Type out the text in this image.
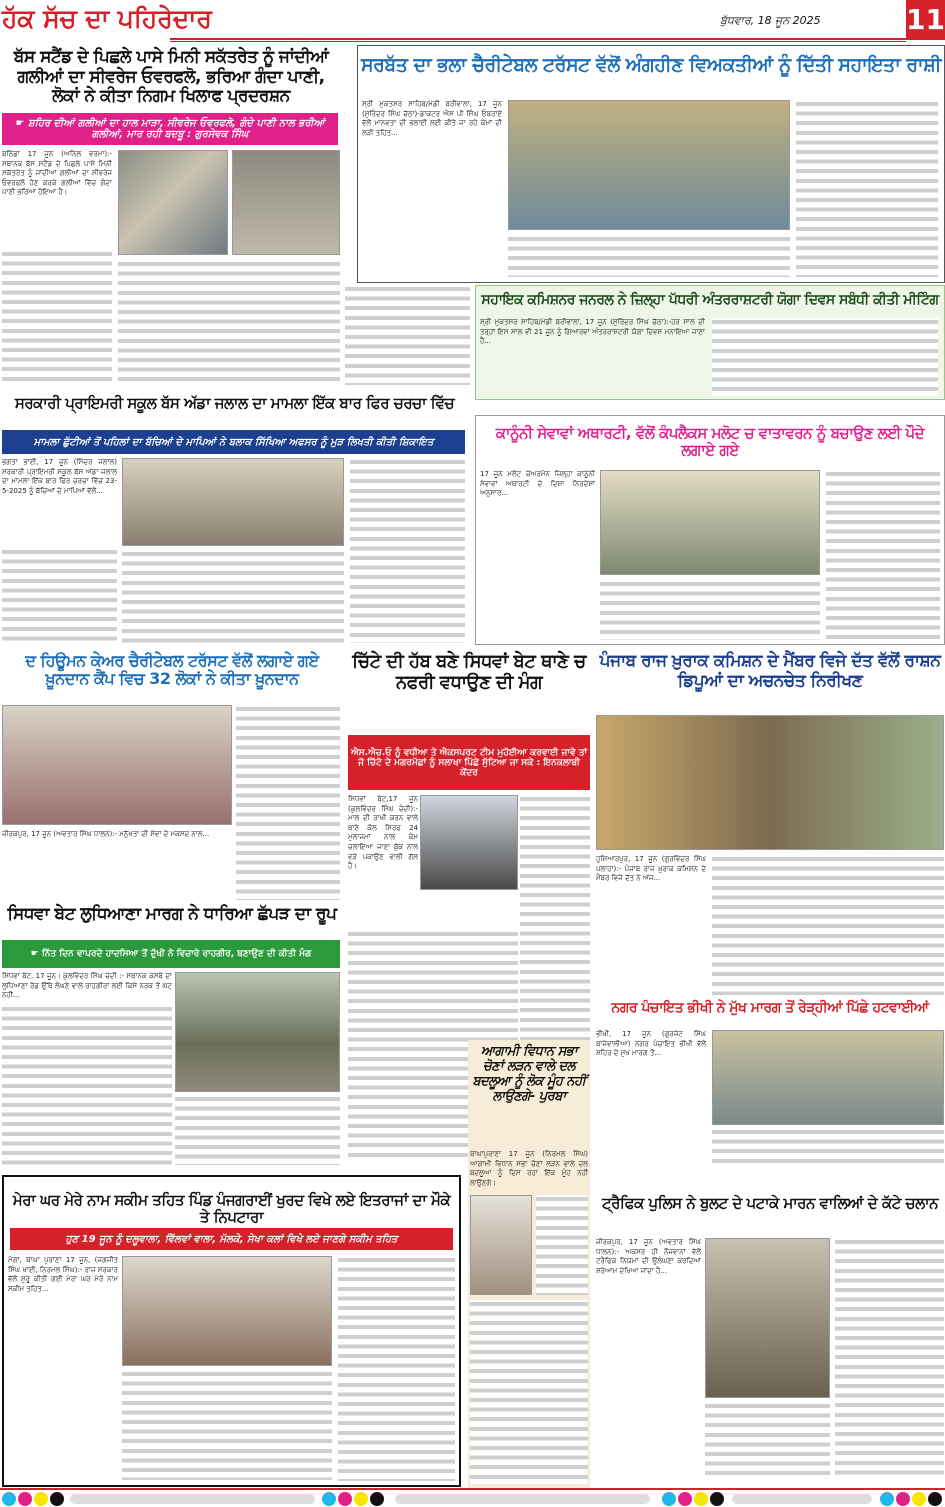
ਹੱਕ ਸੱਚ ਦਾ ਪਹਿਰੇਦਾਰ	ਬੁੱਧਵਾਰ, 18 ਜੂਨ 2025	11
ਬੱਸ ਸਟੈਂਡ ਦੇ ਪਿਛਲੇ ਪਾਸੇ ਮਿਨੀ ਸਕੱਤਰੇਤ ਨੂੰ ਜਾਂਦੀਆਂ ਗਲੀਆਂ ਦਾ ਸੀਵਰੇਜ ਓਵਰਫਲੋ, ਭਰਿਆ ਗੰਦਾ ਪਾਣੀ, ਲੋਕਾਂ ਨੇ ਕੀਤਾ ਨਿਗਮ ਖਿਲਾਫ ਪ੍ਰਦਰਸ਼ਨ
☛ ਸ਼ਹਿਰ ਦੀਆਂ ਗਲੀਆਂ ਦਾ ਹਾਲ ਮਾੜਾ, ਸੀਵਰੇਜ ਓਵਰਫਲੋ, ਗੰਦੇ ਪਾਣੀ ਨਾਲ ਭਰੀਆਂ ਗਲੀਆਂ, ਮਾਰ ਰਹੀ ਬਦਬੂ : ਗੁਰਸੇਵਕ ਸਿੰਘ
ਬਠਿੰਡਾ 17 ਜੂਨ (ਅਨਿਲ ਵਰਮਾ):- ਸਥਾਨਕ ਬੱਸ ਸਟੈਂਡ ਦੇ ਪਿਛਲੇ ਪਾਸੇ ਮਿਨੀ ਸਕੱਤਰੇਤ ਨੂੰ ਜਾਂਦੀਆਂ ਗਲੀਆਂ ਦਾ ਸੀਵਰੇਜ ਓਵਰਫਲੋ ਹੋਣ ਕਰਕੇ ਗਲੀਆਂ ਵਿੱਚ ਗੰਦਾ ਪਾਣੀ ਭਰਿਆ ਹੋਇਆ ਹੈ।
ਸਰਬੱਤ ਦਾ ਭਲਾ ਚੈਰੀਟੇਬਲ ਟਰੱਸਟ ਵੱਲੋਂ ਅੰਗਹੀਣ ਵਿਅਕਤੀਆਂ ਨੂੰ ਦਿੱਤੀ ਸਹਾਇਤਾ ਰਾਸ਼ੀ
ਸ੍ਰੀ ਮੁਕਤਸਰ ਸਾਹਿਬ/ਮੰਡੀ ਬਰੀਵਾਲਾ, 17 ਜੂਨ (ਸੁਰਿੰਦਰ ਸਿੰਘ ਚੱਠਾ)-ਡਾਕਟਰ ਐਸ ਪੀ ਸਿੰਘ ਓਬਰਾਏ ਵੱਲੋਂ ਮਾਨਵਤਾ ਦੀ ਭਲਾਈ ਲਈ ਕੀਤੇ ਜਾ ਰਹੇ ਕੰਮਾਂ ਦੀ ਲੜੀ ਤਹਿਤ...
ਸਹਾਇਕ ਕਮਿਸ਼ਨਰ ਜਨਰਲ ਨੇ ਜ਼ਿਲ੍ਹਾ ਪੱਧਰੀ ਅੰਤਰਰਾਸ਼ਟਰੀ ਯੋਗਾ ਦਿਵਸ ਸਬੰਧੀ ਕੀਤੀ ਮੀਟਿੰਗ
ਸ੍ਰੀ ਮੁਕਤਸਰ ਸਾਹਿਬ/ਮੰਡੀ ਬਰੀਵਾਲਾ, 17 ਜੂਨ (ਸੁਰਿੰਦਰ ਸਿੰਘ ਚੱਠਾ):-ਹਰ ਸਾਲ ਦੀ ਤਰ੍ਹਾਂ ਇਸ ਸਾਲ ਵੀ 21 ਜੂਨ ਨੂੰ ਗਿਆਰਵਾਂ ਅੰਤਰਰਾਸ਼ਟਰੀ ਯੋਗਾ ਦਿਵਸ ਮਨਾਇਆ ਜਾਣਾ ਹੈ...
ਸਰਕਾਰੀ ਪ੍ਰਾਇਮਰੀ ਸਕੂਲ ਬੱਸ ਅੱਡਾ ਜਲਾਲ ਦਾ ਮਾਮਲਾ ਇੱਕ ਬਾਰ ਫਿਰ ਚਰਚਾ ਵਿੱਚ
ਮਾਮਲਾ ਛੁੱਟੀਆਂ ਤੋਂ ਪਹਿਲਾਂ ਦਾ ਬੱਚਿਆਂ ਦੇ ਮਾਪਿਆਂ ਨੇ ਬਲਾਕ ਸਿੱਖਿਆ ਅਫਸਰ ਨੂੰ ਮੁੜ ਲਿਖਤੀ ਕੀਤੀ ਸ਼ਿਕਾਇਤ
ਭਗਤਾ ਭਾਈ, 17 ਜੂਨ (ਸਿੰਦਰ ਜਲਾਲ) ਸਰਕਾਰੀ ਪ੍ਰਾਇਮਰੀ ਸਕੂਲ ਬੱਸ ਅੱਡਾ ਜਲਾਲ ਦਾ ਮਾਮਲਾ ਇੱਕ ਬਾਰ ਫਿਰ ਚਰਚਾ ਵਿੱਚ 23-5-2025 ਨੂੰ ਬੱਚਿਆਂ ਦੇ ਮਾਪਿਆਂ ਵੱਲੋਂ...
ਕਾਨੂੰਨੀ ਸੇਵਾਵਾਂ ਅਥਾਰਟੀ, ਵੱਲੋਂ ਕੰਪਲੈਕਸ ਮਲੋਟ ਚ ਵਾਤਾਵਰਨ ਨੂੰ ਬਚਾਉਣ ਲਈ ਪੌਦੇ ਲਗਾਏ ਗਏ
17 ਜੂਨ ਮਲੋਟ ਚੇਅਰਮੈਨ ਜ਼ਿਲ੍ਹਾ ਕਾਨੂੰਨੀ ਸੇਵਾਵਾਂ ਅਥਾਰਟੀ ਦੇ ਦਿਸ਼ਾ ਨਿਰਦੇਸ਼ਾਂ ਅਨੁਸਾਰ...
ਦ ਹਿਊਮਨ ਕੇਅਰ ਚੈਰੀਟੇਬਲ ਟਰੱਸਟ ਵੱਲੋਂ ਲਗਾਏ ਗਏ ਖ਼ੂਨਦਾਨ ਕੈਂਪ ਵਿਚ 32 ਲੋਕਾਂ ਨੇ ਕੀਤਾ ਖ਼ੂਨਦਾਨ
ਜ਼ੀਰਕਪੁਰ, 17 ਜੂਨ (ਅਵਤਾਰ ਸਿੰਘ ਧਾਲਨ):- ਮਨੁੱਖਤਾ ਦੀ ਸੇਵਾ ਦੇ ਮਕਸਦ ਨਾਲ...
ਚਿੱਟੇ ਦੀ ਹੱਬ ਬਣੇ ਸਿਧਵਾਂ ਬੇਟ ਥਾਣੇ ਚ ਨਫਰੀ ਵਧਾਉਣ ਦੀ ਮੰਗ
ਐਸ.ਐਚ.ਓ ਨੂੰ ਵਧੀਆ ਤੇ ਐਕਸਪਰਟ ਟੀਮ ਮੁਹੱਈਆ ਕਰਵਾਈ ਜਾਵੇ ਤਾਂ ਜੋ ਚਿੱਟੇ ਦੇ ਮਗਰਮੱਛਾਂ ਨੂੰ ਸਲਾਖਾ ਪਿੱਛੇ ਸੁੱਟਿਆ ਜਾ ਸਕੇ : ਇਨਕਲਾਬੀ ਕੇਂਦਰ
ਸਿਧਵਾਂ ਬੇਟ,17 ਜੂਨ (ਕੁਲਵਿੰਦਰ ਸਿੰਘ ਚੰਦੀ):- ਮਾਲ ਦੀ ਰਾਖੀ ਕਰਨ ਵਾਲੇ ਥਾਣੇ ਕੋਲ ਸਿਰਫ 24 ਮੁਲਾਜਮਾਂ ਨਾਲ ਕੰਮ ਚਲਾਇਆ ਜਾਣਾ ਬੁੱਕ ਨਾਲ ਵੜੇ ਪਕਾਉਣ ਵਾਲੀ ਗੱਲ ਹੈ।
ਪੰਜਾਬ ਰਾਜ ਖ਼ੁਰਾਕ ਕਮਿਸ਼ਨ ਦੇ ਮੈਂਬਰ ਵਿਜੇ ਦੱਤ ਵੱਲੋਂ ਰਾਸ਼ਨ ਡਿਪੂਆਂ ਦਾ ਅਚਨਚੇਤ ਨਿਰੀਖਣ
ਹੁਸ਼ਿਆਰਪੁਰ, 17 ਜੂਨ (ਗੁਰਵਿੰਦਰ ਸਿੰਘ ਪਲਾਹਾ):- ਪੰਜਾਬ ਰਾਜ ਖ਼ੁਰਾਕ ਕਮਿਸ਼ਨ ਦੇ ਮੈਂਬਰ ਵਿਜੇ ਦੱਤ ਨੇ ਅੱਜ...
ਸਿਧਵਾ ਬੇਟ ਲੁਧਿਆਣਾ ਮਾਰਗ ਨੇ ਧਾਰਿਆ ਛੱਪੜ ਦਾ ਰੂਪ
☛ ਨਿੱਤ ਦਿਨ ਵਾਪਰਦੇ ਹਾਦਸਿਆ ਤੋਂ ਦੁੱਖੀ ਨੇ ਵਿਚਾਰੇ ਰਾਹਗੀਰ, ਬਣਾਉਣ ਦੀ ਕੀਤੀ ਮੰਗ
ਸਿਧਵਾ ਬੇਟ, 17 ਜੂਨ। ਕੁਲਵਿੰਦਰ ਸਿੰਘ ਚੰਦੀ :- ਸਥਾਨਕ ਕਸਬੇ ਦਾ ਲੁਧਿਆਣਾ ਰੋਡ ਉੱਥੇ ਲੰਘਣੇ ਵਾਲੇ ਰਾਹਗੀਰਾਂ ਲਈ ਕਿਸੇ ਨਰਕ ਤੋਂ ਘੱਟ ਨਹੀਂ...
ਆਗਾਮੀ ਵਿਧਾਨ ਸਭਾ ਚੋਣਾਂ ਲੜਨ ਵਾਲੇ ਦਲ ਬਦਲੂਆ ਨੂੰ ਲੋਕ ਮੂੰਹ ਨਹੀਂ ਲਾਉਣਗੇ- ਪੁਰਬਾ
ਬਾਘਾਪੁਰਾਣਾ 17 ਜੂਨ (ਨਿਰਮਲ ਸਿੰਘ) ਆਗਾਮੀ ਵਿਧਾਨ ਸਭਾ ਚੋਣਾਂ ਲੜਨ ਵਾਲੇ ਦਲ ਬਦਲੂਆ ਨੂੰ ਦਿਸ ਰਹਾ ਇੱਕ ਮੂੰਹ ਨਹੀਂ ਲਾਉਣਗੇ।
ਨਗਰ ਪੰਚਾਇਤ ਭੀਖੀ ਨੇ ਮੁੱਖ ਮਾਰਗ ਤੋਂ ਰੇੜ੍ਹੀਆਂ ਪਿੱਛੇ ਹਟਵਾਈਆਂ
ਭੀਖੀ, 17 ਜੂਨ (ਗੁਰਜੰਟ ਸਿੰਘ ਬਾਜੇਵਾਲੀਆ) ਨਗਰ ਪੰਚਾਇਤ ਭੀਖੀ ਵੱਲੋਂ ਸ਼ਹਿਰ ਦੇ ਮੁੱਖ ਮਾਰਗ ਤੋਂ...
ਮੇਰਾ ਘਰ ਮੇਰੇ ਨਾਮ ਸਕੀਮ ਤਹਿਤ ਪਿੰਡ ਪੰਜਗਰਾਈਂ ਖੁਰਦ ਵਿਖੇ ਲਏ ਇਤਰਾਜਾਂ ਦਾ ਮੌਕੇ ਤੇ ਨਿਪਟਾਰਾ
ਹੁਣ 19 ਜੂਨ ਨੂੰ ਦਲੂਵਾਲਾ, ਵਿੱਲਵਾਂ ਵਾਲਾ, ਮੱਲਕੇ, ਸੇਖਾ ਕਲਾਂ ਵਿਖੇ ਲਏ ਜਾਣਗੇ ਸਕੀਮ ਤਹਿਤ
ਮੋਗਾ, ਬਾਘਾ ਪੁਰਾਣਾ 17 ਜੂਨ, (ਜਗਜੀਤ ਸਿੰਘ ਖਾਈ, ਨਿਰਮਲ ਸਿੰਘ):- ਰਾਜ ਸਰਕਾਰ ਵੱਲੋਂ ਸ਼ੁਰੂ ਕੀਤੀ ਗਈ ਮੇਰਾ ਘਰ ਮੇਰੇ ਨਾਮ ਸਕੀਮ ਤਹਿਤ...
ਟ੍ਰੈਫਿਕ ਪੁਲਿਸ ਨੇ ਬੁਲਟ ਦੇ ਪਟਾਕੇ ਮਾਰਨ ਵਾਲਿਆਂ ਦੇ ਕੱਟੇ ਚਲਾਨ
ਜ਼ੀਰਕਪੁਰ, 17 ਜੂਨ (ਅਵਤਾਰ ਸਿੰਘ ਧਾਲਨ):- ਅਕਸਰ ਹੀ ਨੌਜਵਾਨਾਂ ਵੱਲੋਂ ਟਰੈਫਿਕ ਨਿਯਮਾਂ ਦੀ ਉਲੰਘਣਾ ਕਰਦਿਆਂ ਸ਼ਰੇਆਮ ਦੇਖਿਆ ਜਾਂਦਾ ਹੈ...
